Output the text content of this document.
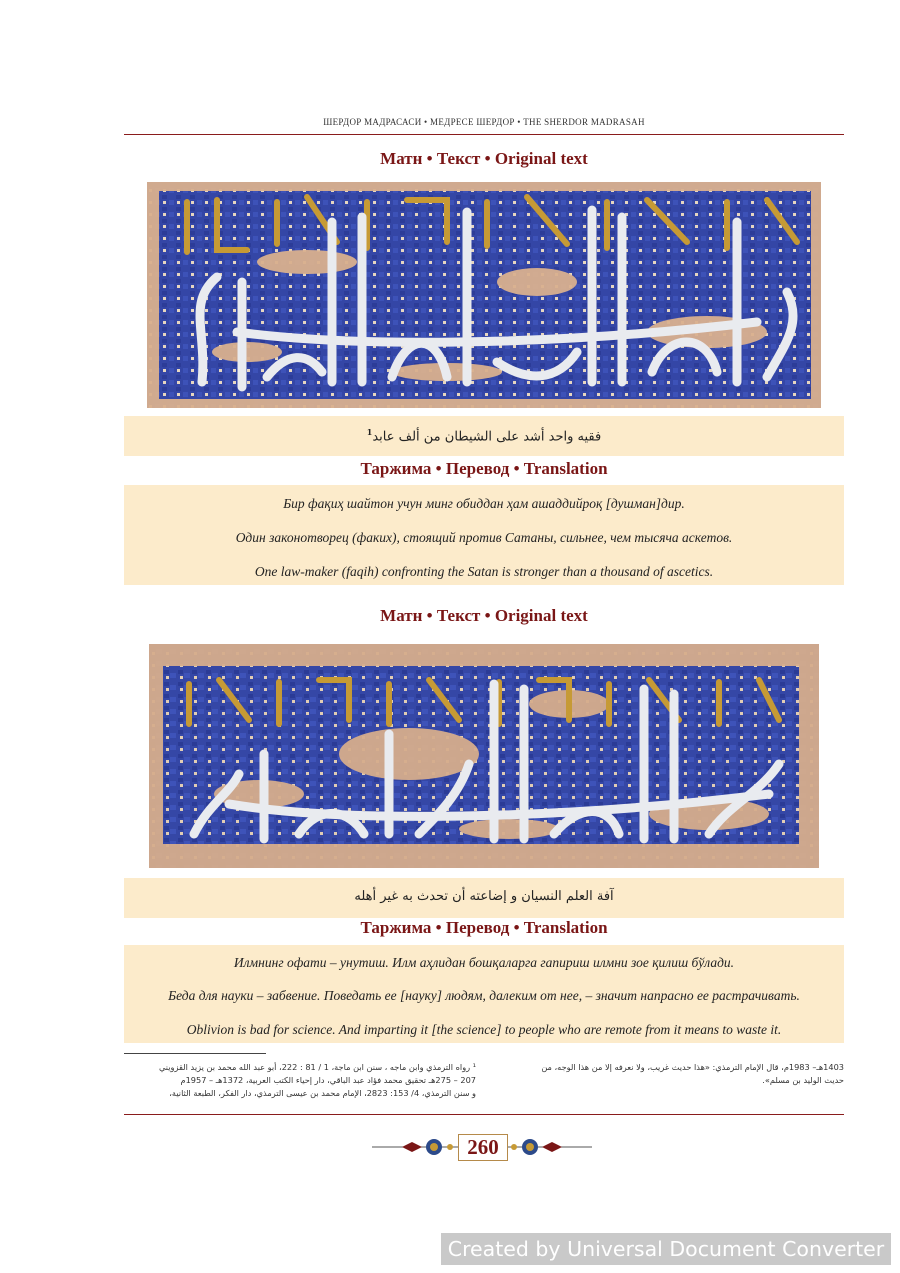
ШЕРДОР МАДРАСАСИ • МЕДРЕСЕ ШЕРДОР • THE SHERDOR MADRASAH
Матн • Текст • Original text
فقيه واحد أشد على الشيطان من ألف عابد$^1$
Таржима • Перевод • Translation
Бир фақиҳ шайтон учун минг обиддан ҳам ашаддийроқ [душман]дир.
Один законотворец (факих), стоящий против Сатаны, сильнее, чем тысяча аскетов.
One law-maker (faqih) confronting the Satan is stronger than a thousand of ascetics.
Матн • Текст • Original text
آفة العلم النسيان و إضاعته أن تحدث به غير أهله
Таржима • Перевод • Translation
Илмнинг офати – унутиш. Илм аҳлидан бошқаларга гапириш илмни зое қилиш бўлади.
Беда для науки – забвение. Поведать ее [науку] людям, далеким от нее, – значит напрасно ее растрачивать.
Oblivion is bad for science. And imparting it [the science] to people who are remote from it means to waste it.
¹ رواه الترمذي وابن ماجه ، سنن ابن ماجة، 1 / 81 : 222، أبو عبد الله محمد بن يزيد القزويني
207 – 275هـ تحقيق محمد فؤاد عبد الباقي، دار إحياء الكتب العربية، 1372هـ – 1957م
و سنن الترمذي، 4/ 153: 2823، الإمام محمد بن عيسى الترمذي، دار الفكر، الطبعة الثانية،
1403هـ– 1983م، قال الإمام الترمذي: «هذا حديث غريب، ولا نعرفه إلا من هذا الوجه، من
حديث الوليد بن مسلم».
260
Created by Universal Document Converter
